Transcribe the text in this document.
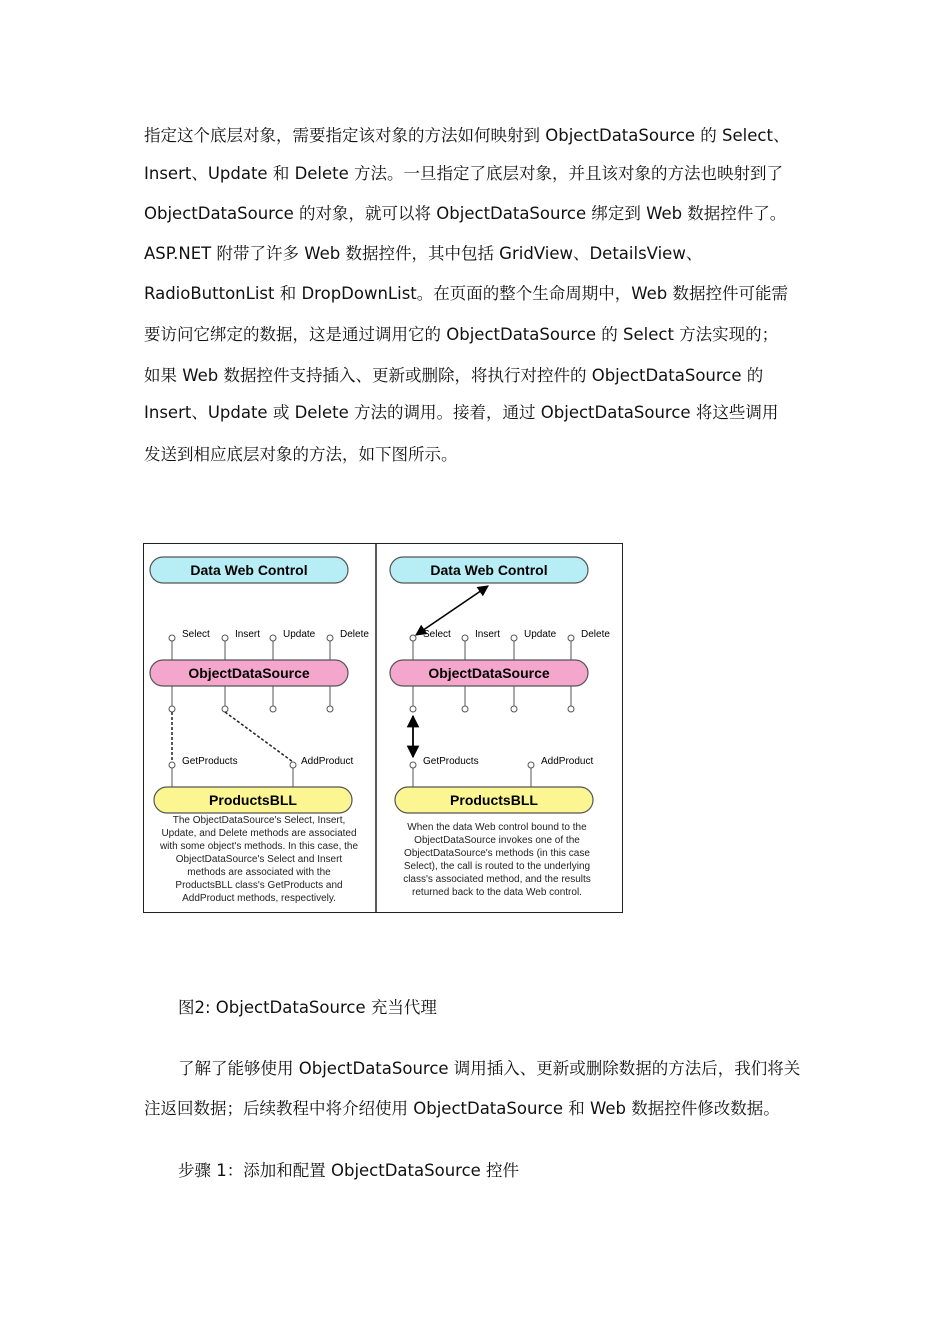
指定这个底层对象，需要指定该对象的方法如何映射到 ObjectDataSource 的 Select、
Insert、Update 和 Delete 方法。一旦指定了底层对象，并且该对象的方法也映射到了
ObjectDataSource 的对象，就可以将 ObjectDataSource 绑定到 Web 数据控件了。
ASP.NET 附带了许多 Web 数据控件，其中包括 GridView、DetailsView、
RadioButtonList 和 DropDownList。在页面的整个生命周期中，Web 数据控件可能需
要访问它绑定的数据，这是通过调用它的 ObjectDataSource 的 Select 方法实现的；
如果 Web 数据控件支持插入、更新或删除，将执行对控件的 ObjectDataSource 的
Insert、Update 或 Delete 方法的调用。接着，通过 ObjectDataSource 将这些调用
发送到相应底层对象的方法，如下图所示。
Data Web Control
Select	Insert Update Delete
ObjectDataSource
GetProducts	AddProduct
ProductsBLL
The ObjectDataSource's Select, Insert,
Update, and Delete methods are associated
with some object's methods. In this case, the
ObjectDataSource's Select and Insert
methods are associated with the
ProductsBLL class's GetProducts and
AddProduct methods, respectively.
Data Web Control
Select Insert Update Delete
ObjectDataSource
GetProducts	AddProduct
ProductsBLL
When the data Web control bound to the
ObjectDataSource invokes one of the
ObjectDataSource's methods (in this case
Select), the call is routed to the underlying
class's associated method, and the results
returned back to the data Web control.
图2: ObjectDataSource 充当代理
了解了能够使用 ObjectDataSource 调用插入、更新或删除数据的方法后，我们将关
注返回数据；后续教程中将介绍使用 ObjectDataSource 和 Web 数据控件修改数据。
步骤 1：添加和配置 ObjectDataSource 控件
